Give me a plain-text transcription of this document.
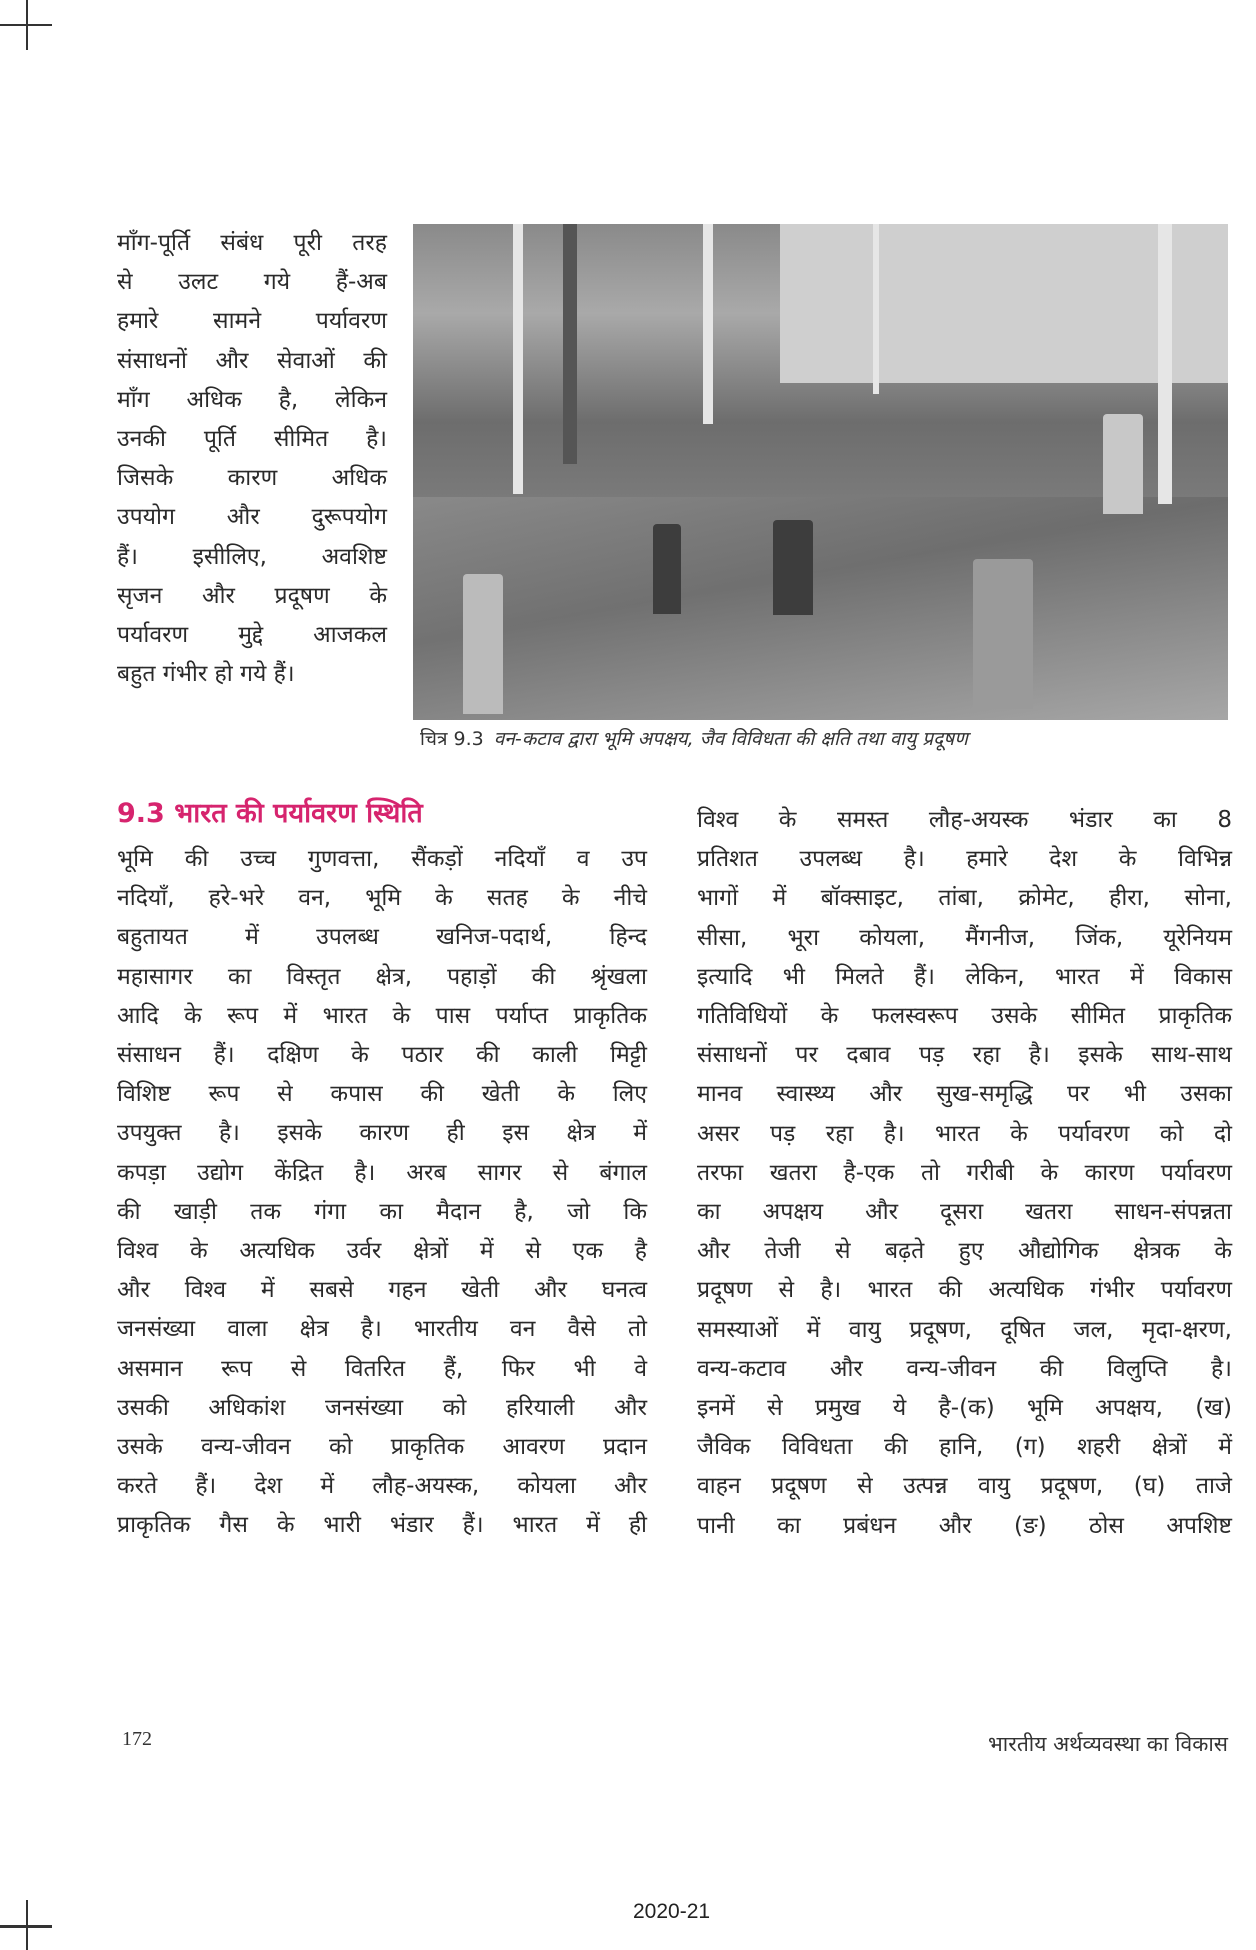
माँग-पूर्ति संबंध पूरी तरह
से उलट गये हैं-अब
हमारे सामने पर्यावरण
संसाधनों और सेवाओं की
माँग अधिक है, लेकिन
उनकी पूर्ति सीमित है।
जिसके कारण अधिक
उपयोग और दुरूपयोग
हैं। इसीलिए, अवशिष्ट
सृजन और प्रदूषण के
पर्यावरण मुद्दे आजकल
बहुत गंभीर हो गये हैं।
चित्र 9.3 वन-कटाव द्वारा भूमि अपक्षय, जैव विविधता की क्षति तथा वायु प्रदूषण
9.3 भारत की पर्यावरण स्थिति
भूमि की उच्च गुणवत्ता, सैंकड़ों नदियाँ व उप
नदियाँ, हरे-भरे वन, भूमि के सतह के नीचे
बहुतायत में उपलब्ध खनिज-पदार्थ, हिन्द
महासागर का विस्तृत क्षेत्र, पहाड़ों की श्रृंखला
आदि के रूप में भारत के पास पर्याप्त प्राकृतिक
संसाधन हैं। दक्षिण के पठार की काली मिट्टी
विशिष्ट रूप से कपास की खेती के लिए
उपयुक्त है। इसके कारण ही इस क्षेत्र में
कपड़ा उद्योग केंद्रित है। अरब सागर से बंगाल
की खाड़ी तक गंगा का मैदान है, जो कि
विश्व के अत्यधिक उर्वर क्षेत्रों में से एक है
और विश्व में सबसे गहन खेती और घनत्व
जनसंख्या वाला क्षेत्र है। भारतीय वन वैसे तो
असमान रूप से वितरित हैं, फिर भी वे
उसकी अधिकांश जनसंख्या को हरियाली और
उसके वन्य-जीवन को प्राकृतिक आवरण प्रदान
करते हैं। देश में लौह-अयस्क, कोयला और
प्राकृतिक गैस के भारी भंडार हैं। भारत में ही
विश्व के समस्त लौह-अयस्क भंडार का 8
प्रतिशत उपलब्ध है। हमारे देश के विभिन्न
भागों में बॉक्साइट, तांबा, क्रोमेट, हीरा, सोना,
सीसा, भूरा कोयला, मैंगनीज, जिंक, यूरेनियम
इत्यादि भी मिलते हैं। लेकिन, भारत में विकास
गतिविधियों के फलस्वरूप उसके सीमित प्राकृतिक
संसाधनों पर दबाव पड़ रहा है। इसके साथ-साथ
मानव स्वास्थ्य और सुख-समृद्धि पर भी उसका
असर पड़ रहा है। भारत के पर्यावरण को दो
तरफा खतरा है-एक तो गरीबी के कारण पर्यावरण
का अपक्षय और दूसरा खतरा साधन-संपन्नता
और तेजी से बढ़ते हुए औद्योगिक क्षेत्रक के
प्रदूषण से है। भारत की अत्यधिक गंभीर पर्यावरण
समस्याओं में वायु प्रदूषण, दूषित जल, मृदा-क्षरण,
वन्य-कटाव और वन्य-जीवन की विलुप्ति है।
इनमें से प्रमुख ये है-(क) भूमि अपक्षय, (ख)
जैविक विविधता की हानि, (ग) शहरी क्षेत्रों में
वाहन प्रदूषण से उत्पन्न वायु प्रदूषण, (घ) ताजे
पानी का प्रबंधन और (ङ) ठोस अपशिष्ट
172	भारतीय अर्थव्यवस्था का विकास
2020-21
